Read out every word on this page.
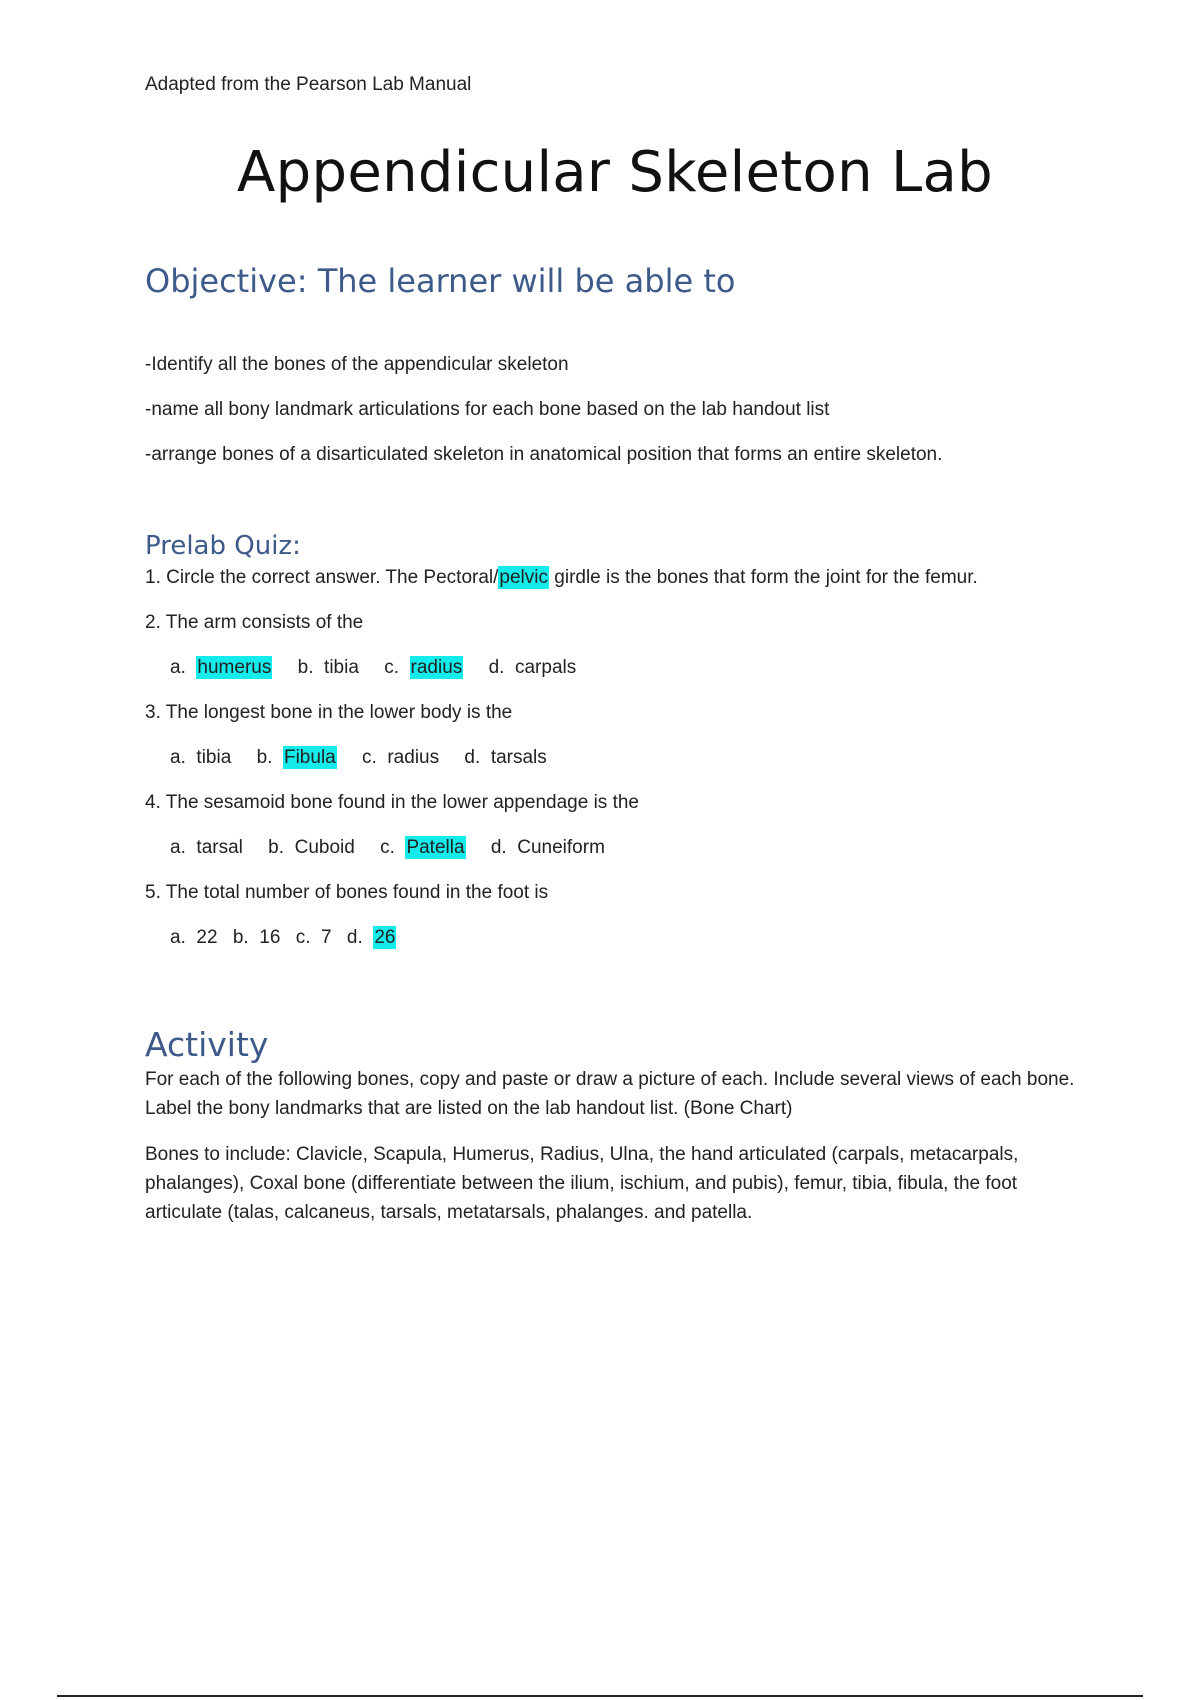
Adapted from the Pearson Lab Manual
Appendicular Skeleton Lab
Objective: The learner will be able to
-Identify all the bones of the appendicular skeleton
-name all bony landmark articulations for each bone based on the lab handout list
-arrange bones of a disarticulated skeleton in anatomical position that forms an entire skeleton.
Prelab Quiz:
1. Circle the correct answer. The Pectoral/pelvic girdle is the bones that form the joint for the femur.
2. The arm consists of the
a. humerus b. tibia c. radius d. carpals
3. The longest bone in the lower body is the
a. tibia b. Fibula c. radius d. tarsals
4. The sesamoid bone found in the lower appendage is the
a. tarsal b. Cuboid c. Patella d. Cuneiform
5. The total number of bones found in the foot is
a. 22 b. 16 c. 7 d. 26
Activity

For each of the following bones, copy and paste or draw a picture of each. Include several views of each bone. Label the bony landmarks that are listed on the lab handout list. (Bone Chart)

Bones to include: Clavicle, Scapula, Humerus, Radius, Ulna, the hand articulated (carpals, metacarpals, phalanges), Coxal bone (differentiate between the ilium, ischium, and pubis), femur, tibia, fibula, the foot articulate (talas, calcaneus, tarsals, metatarsals, phalanges. and patella.
